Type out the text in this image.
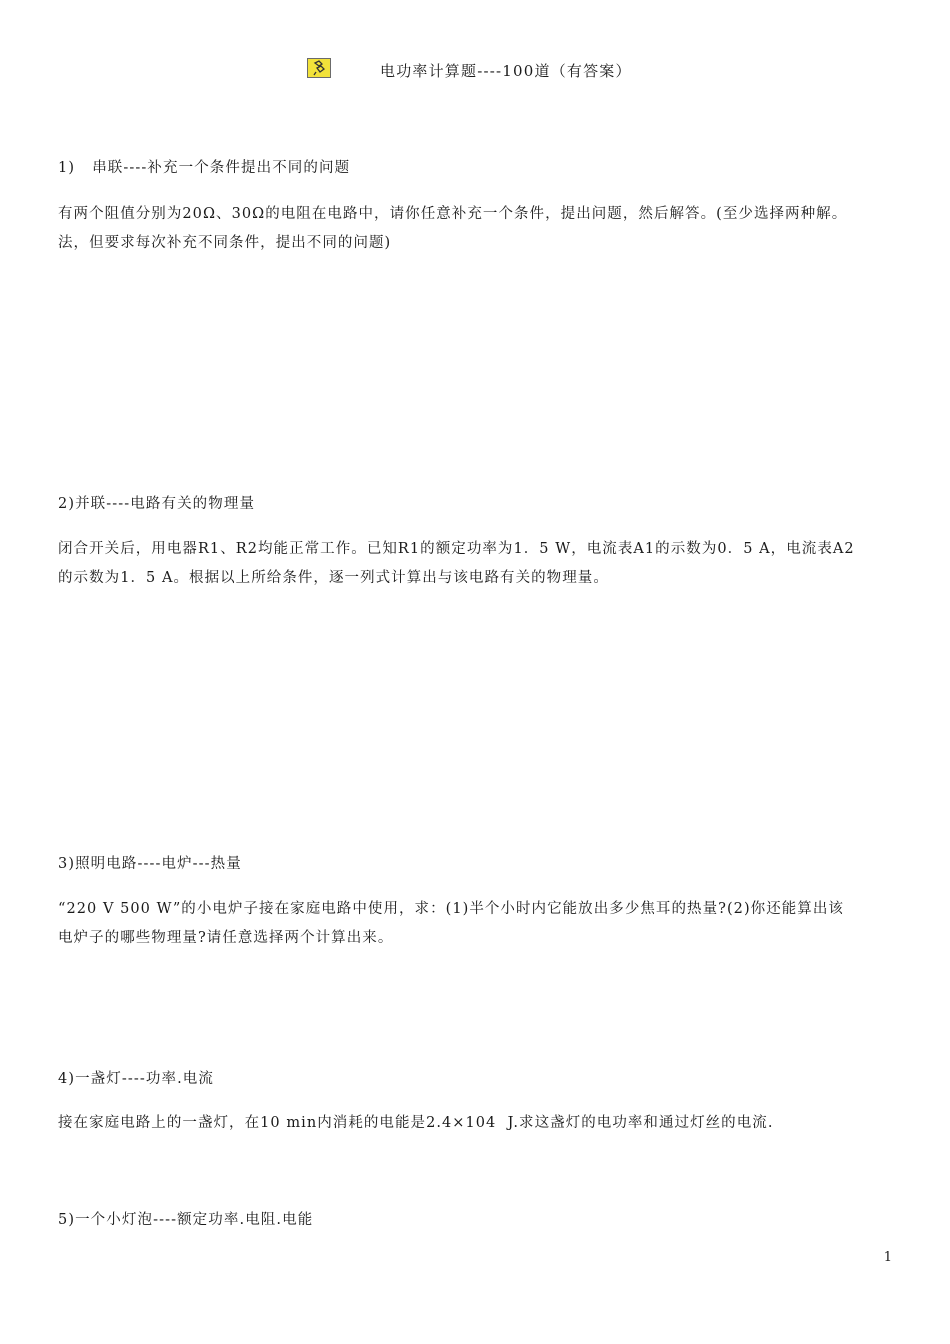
电功率计算题----100道（有答案）
1)   串联----补充一个条件提出不同的问题
有两个阻值分别为20Ω、30Ω的电阻在电路中，请你任意补充一个条件，提出问题，然后解答。(至少选择两种解。
法，但要求每次补充不同条件，提出不同的问题)
2)并联----电路有关的物理量
闭合开关后，用电器R1、R2均能正常工作。已知R1的额定功率为1．5 W，电流表A1的示数为0．5 A，电流表A2
的示数为1．5 A。根据以上所给条件，逐一列式计算出与该电路有关的物理量。
3)照明电路----电炉---热量
“220 V 500 W”的小电炉子接在家庭电路中使用，求：(1)半个小时内它能放出多少焦耳的热量?(2)你还能算出该
电炉子的哪些物理量?请任意选择两个计算出来。
4)一盏灯----功率.电流
接在家庭电路上的一盏灯，在10 min内消耗的电能是2.4×104  J.求这盏灯的电功率和通过灯丝的电流.
5)一个小灯泡----额定功率.电阻.电能
1
